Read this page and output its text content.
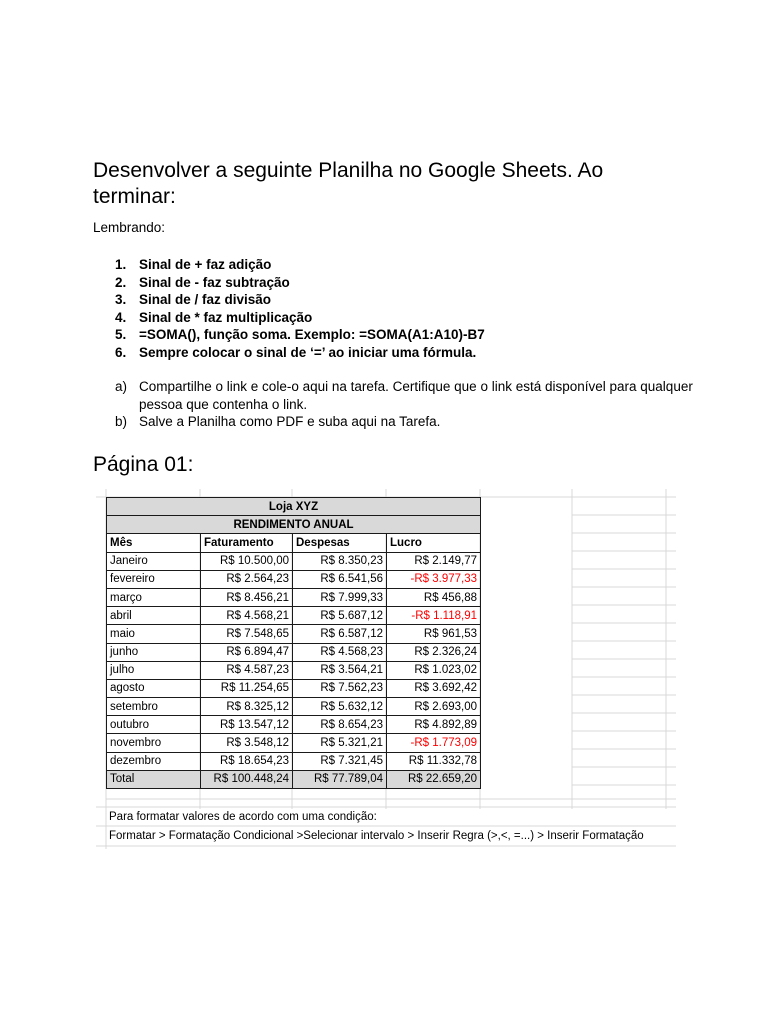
Desenvolver a seguinte Planilha no Google Sheets. Ao terminar:
Lembrando:
1. Sinal de + faz adição
2. Sinal de - faz subtração
3. Sinal de / faz divisão
4. Sinal de * faz multiplicação
5. =SOMA(), função soma. Exemplo: =SOMA(A1:A10)-B7
6. Sempre colocar o sinal de ‘=’ ao iniciar uma fórmula.
a) Compartilhe o link e cole-o aqui na tarefa. Certifique que o link está disponível para qualquer pessoa que contenha o link.
b) Salve a Planilha como PDF e suba aqui na Tarefa.
Página 01:
Loja XYZ			
RENDIMENTO ANUAL			
Mês	Faturamento	Despesas	Lucro
Janeiro	R$ 10.500,00	R$ 8.350,23	R$ 2.149,77
fevereiro	R$ 2.564,23	R$ 6.541,56	-R$ 3.977,33
março	R$ 8.456,21	R$ 7.999,33	R$ 456,88
abril	R$ 4.568,21	R$ 5.687,12	-R$ 1.118,91
maio	R$ 7.548,65	R$ 6.587,12	R$ 961,53
junho	R$ 6.894,47	R$ 4.568,23	R$ 2.326,24
julho	R$ 4.587,23	R$ 3.564,21	R$ 1.023,02
agosto	R$ 11.254,65	R$ 7.562,23	R$ 3.692,42
setembro	R$ 8.325,12	R$ 5.632,12	R$ 2.693,00
outubro	R$ 13.547,12	R$ 8.654,23	R$ 4.892,89
novembro	R$ 3.548,12	R$ 5.321,21	-R$ 1.773,09
dezembro	R$ 18.654,23	R$ 7.321,45	R$ 11.332,78
Total	R$ 100.448,24	R$ 77.789,04	R$ 22.659,20
Para formatar valores de acordo com uma condição:
Formatar > Formatação Condicional >Selecionar intervalo > Inserir Regra (>,<, =...) > Inserir Formatação
